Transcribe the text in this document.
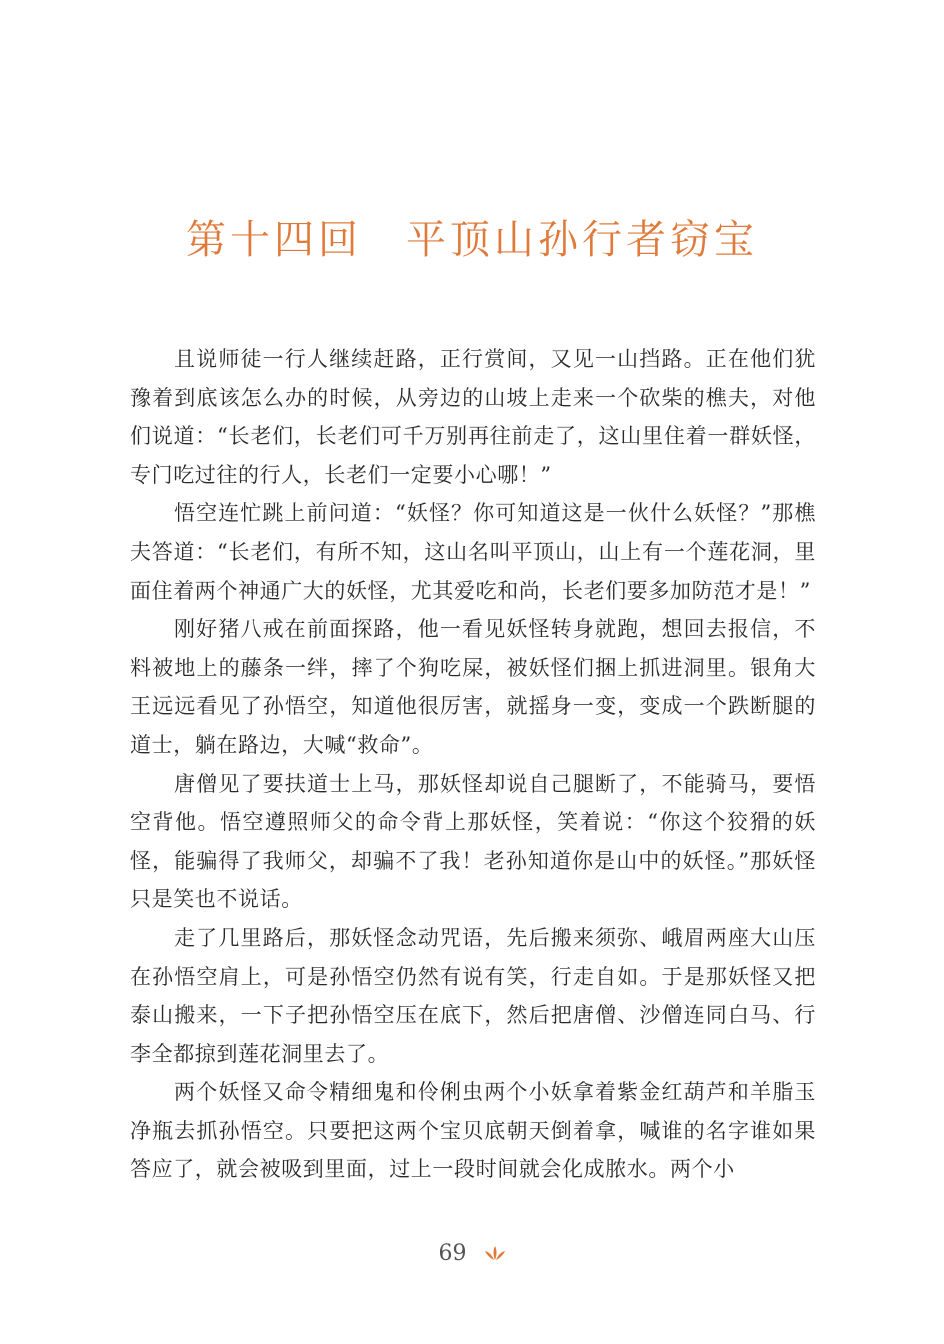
第十四回　平顶山孙行者窃宝

且说师徒一行人继续赶路，正行赏间，又见一山挡路。正在他们犹豫着到底该怎么办的时候，从旁边的山坡上走来一个砍柴的樵夫，对他们说道：“长老们，长老们可千万别再往前走了，这山里住着一群妖怪，专门吃过往的行人，长老们一定要小心哪！”

悟空连忙跳上前问道：“妖怪？你可知道这是一伙什么妖怪？”那樵夫答道：“长老们，有所不知，这山名叫平顶山，山上有一个莲花洞，里面住着两个神通广大的妖怪，尤其爱吃和尚，长老们要多加防范才是！”

刚好猪八戒在前面探路，他一看见妖怪转身就跑，想回去报信，不料被地上的藤条一绊，摔了个狗吃屎，被妖怪们捆上抓进洞里。银角大王远远看见了孙悟空，知道他很厉害，就摇身一变，变成一个跌断腿的道士，躺在路边，大喊“救命”。

唐僧见了要扶道士上马，那妖怪却说自己腿断了，不能骑马，要悟空背他。悟空遵照师父的命令背上那妖怪，笑着说：“你这个狡猾的妖怪，能骗得了我师父，却骗不了我！老孙知道你是山中的妖怪。”那妖怪只是笑也不说话。

走了几里路后，那妖怪念动咒语，先后搬来须弥、峨眉两座大山压在孙悟空肩上，可是孙悟空仍然有说有笑，行走自如。于是那妖怪又把泰山搬来，一下子把孙悟空压在底下，然后把唐僧、沙僧连同白马、行李全都掠到莲花洞里去了。

两个妖怪又命令精细鬼和伶俐虫两个小妖拿着紫金红葫芦和羊脂玉净瓶去抓孙悟空。只要把这两个宝贝底朝天倒着拿，喊谁的名字谁如果答应了，就会被吸到里面，过上一段时间就会化成脓水。两个小

69
